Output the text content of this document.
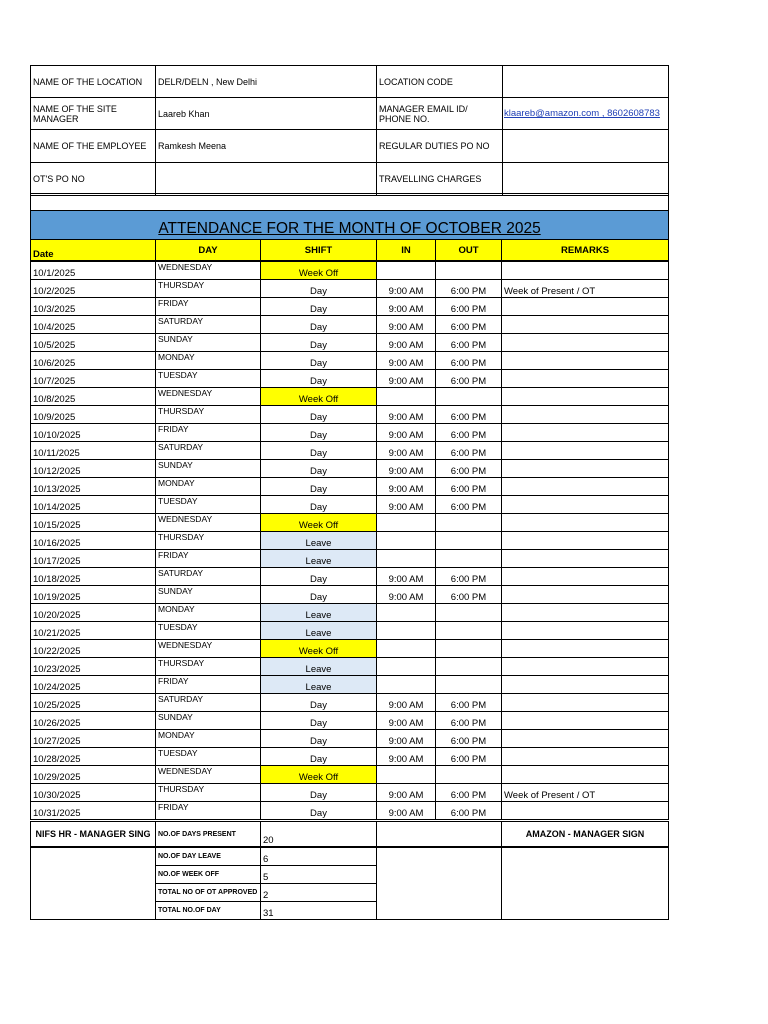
NAME OF THE LOCATION	DELR/DELN , New Delhi	LOCATION CODE	
NAME OF THE SITE MANAGER	Laareb Khan	MANAGER EMAIL ID/ PHONE NO.	klaareb@amazon.com , 8602608783
NAME OF THE EMPLOYEE	Ramkesh Meena	REGULAR DUTIES PO NO	
OT'S PO NO		TRAVELLING CHARGES	

ATTENDANCE FOR THE MONTH OF OCTOBER 2025					
Date	DAY	SHIFT	IN	OUT	REMARKS
10/1/2025	WEDNESDAY	Week Off			
10/2/2025	THURSDAY	Day	9:00 AM	6:00 PM	Week of Present / OT
10/3/2025	FRIDAY	Day	9:00 AM	6:00 PM	
10/4/2025	SATURDAY	Day	9:00 AM	6:00 PM	
10/5/2025	SUNDAY	Day	9:00 AM	6:00 PM	
10/6/2025	MONDAY	Day	9:00 AM	6:00 PM	
10/7/2025	TUESDAY	Day	9:00 AM	6:00 PM	
10/8/2025	WEDNESDAY	Week Off			
10/9/2025	THURSDAY	Day	9:00 AM	6:00 PM	
10/10/2025	FRIDAY	Day	9:00 AM	6:00 PM	
10/11/2025	SATURDAY	Day	9:00 AM	6:00 PM	
10/12/2025	SUNDAY	Day	9:00 AM	6:00 PM	
10/13/2025	MONDAY	Day	9:00 AM	6:00 PM	
10/14/2025	TUESDAY	Day	9:00 AM	6:00 PM	
10/15/2025	WEDNESDAY	Week Off			
10/16/2025	THURSDAY	Leave			
10/17/2025	FRIDAY	Leave			
10/18/2025	SATURDAY	Day	9:00 AM	6:00 PM	
10/19/2025	SUNDAY	Day	9:00 AM	6:00 PM	
10/20/2025	MONDAY	Leave			
10/21/2025	TUESDAY	Leave			
10/22/2025	WEDNESDAY	Week Off			
10/23/2025	THURSDAY	Leave			
10/24/2025	FRIDAY	Leave			
10/25/2025	SATURDAY	Day	9:00 AM	6:00 PM	
10/26/2025	SUNDAY	Day	9:00 AM	6:00 PM	
10/27/2025	MONDAY	Day	9:00 AM	6:00 PM	
10/28/2025	TUESDAY	Day	9:00 AM	6:00 PM	
10/29/2025	WEDNESDAY	Week Off			
10/30/2025	THURSDAY	Day	9:00 AM	6:00 PM	Week of Present / OT
10/31/2025	FRIDAY	Day	9:00 AM	6:00 PM	
NIFS HR - MANAGER SING	NO.OF DAYS PRESENT	20		AMAZON - MANAGER SIGN
	NO.OF DAY LEAVE	6		
	NO.OF WEEK OFF	5		
	TOTAL NO OF OT APPROVED	2		
	TOTAL NO.OF DAY	31		
